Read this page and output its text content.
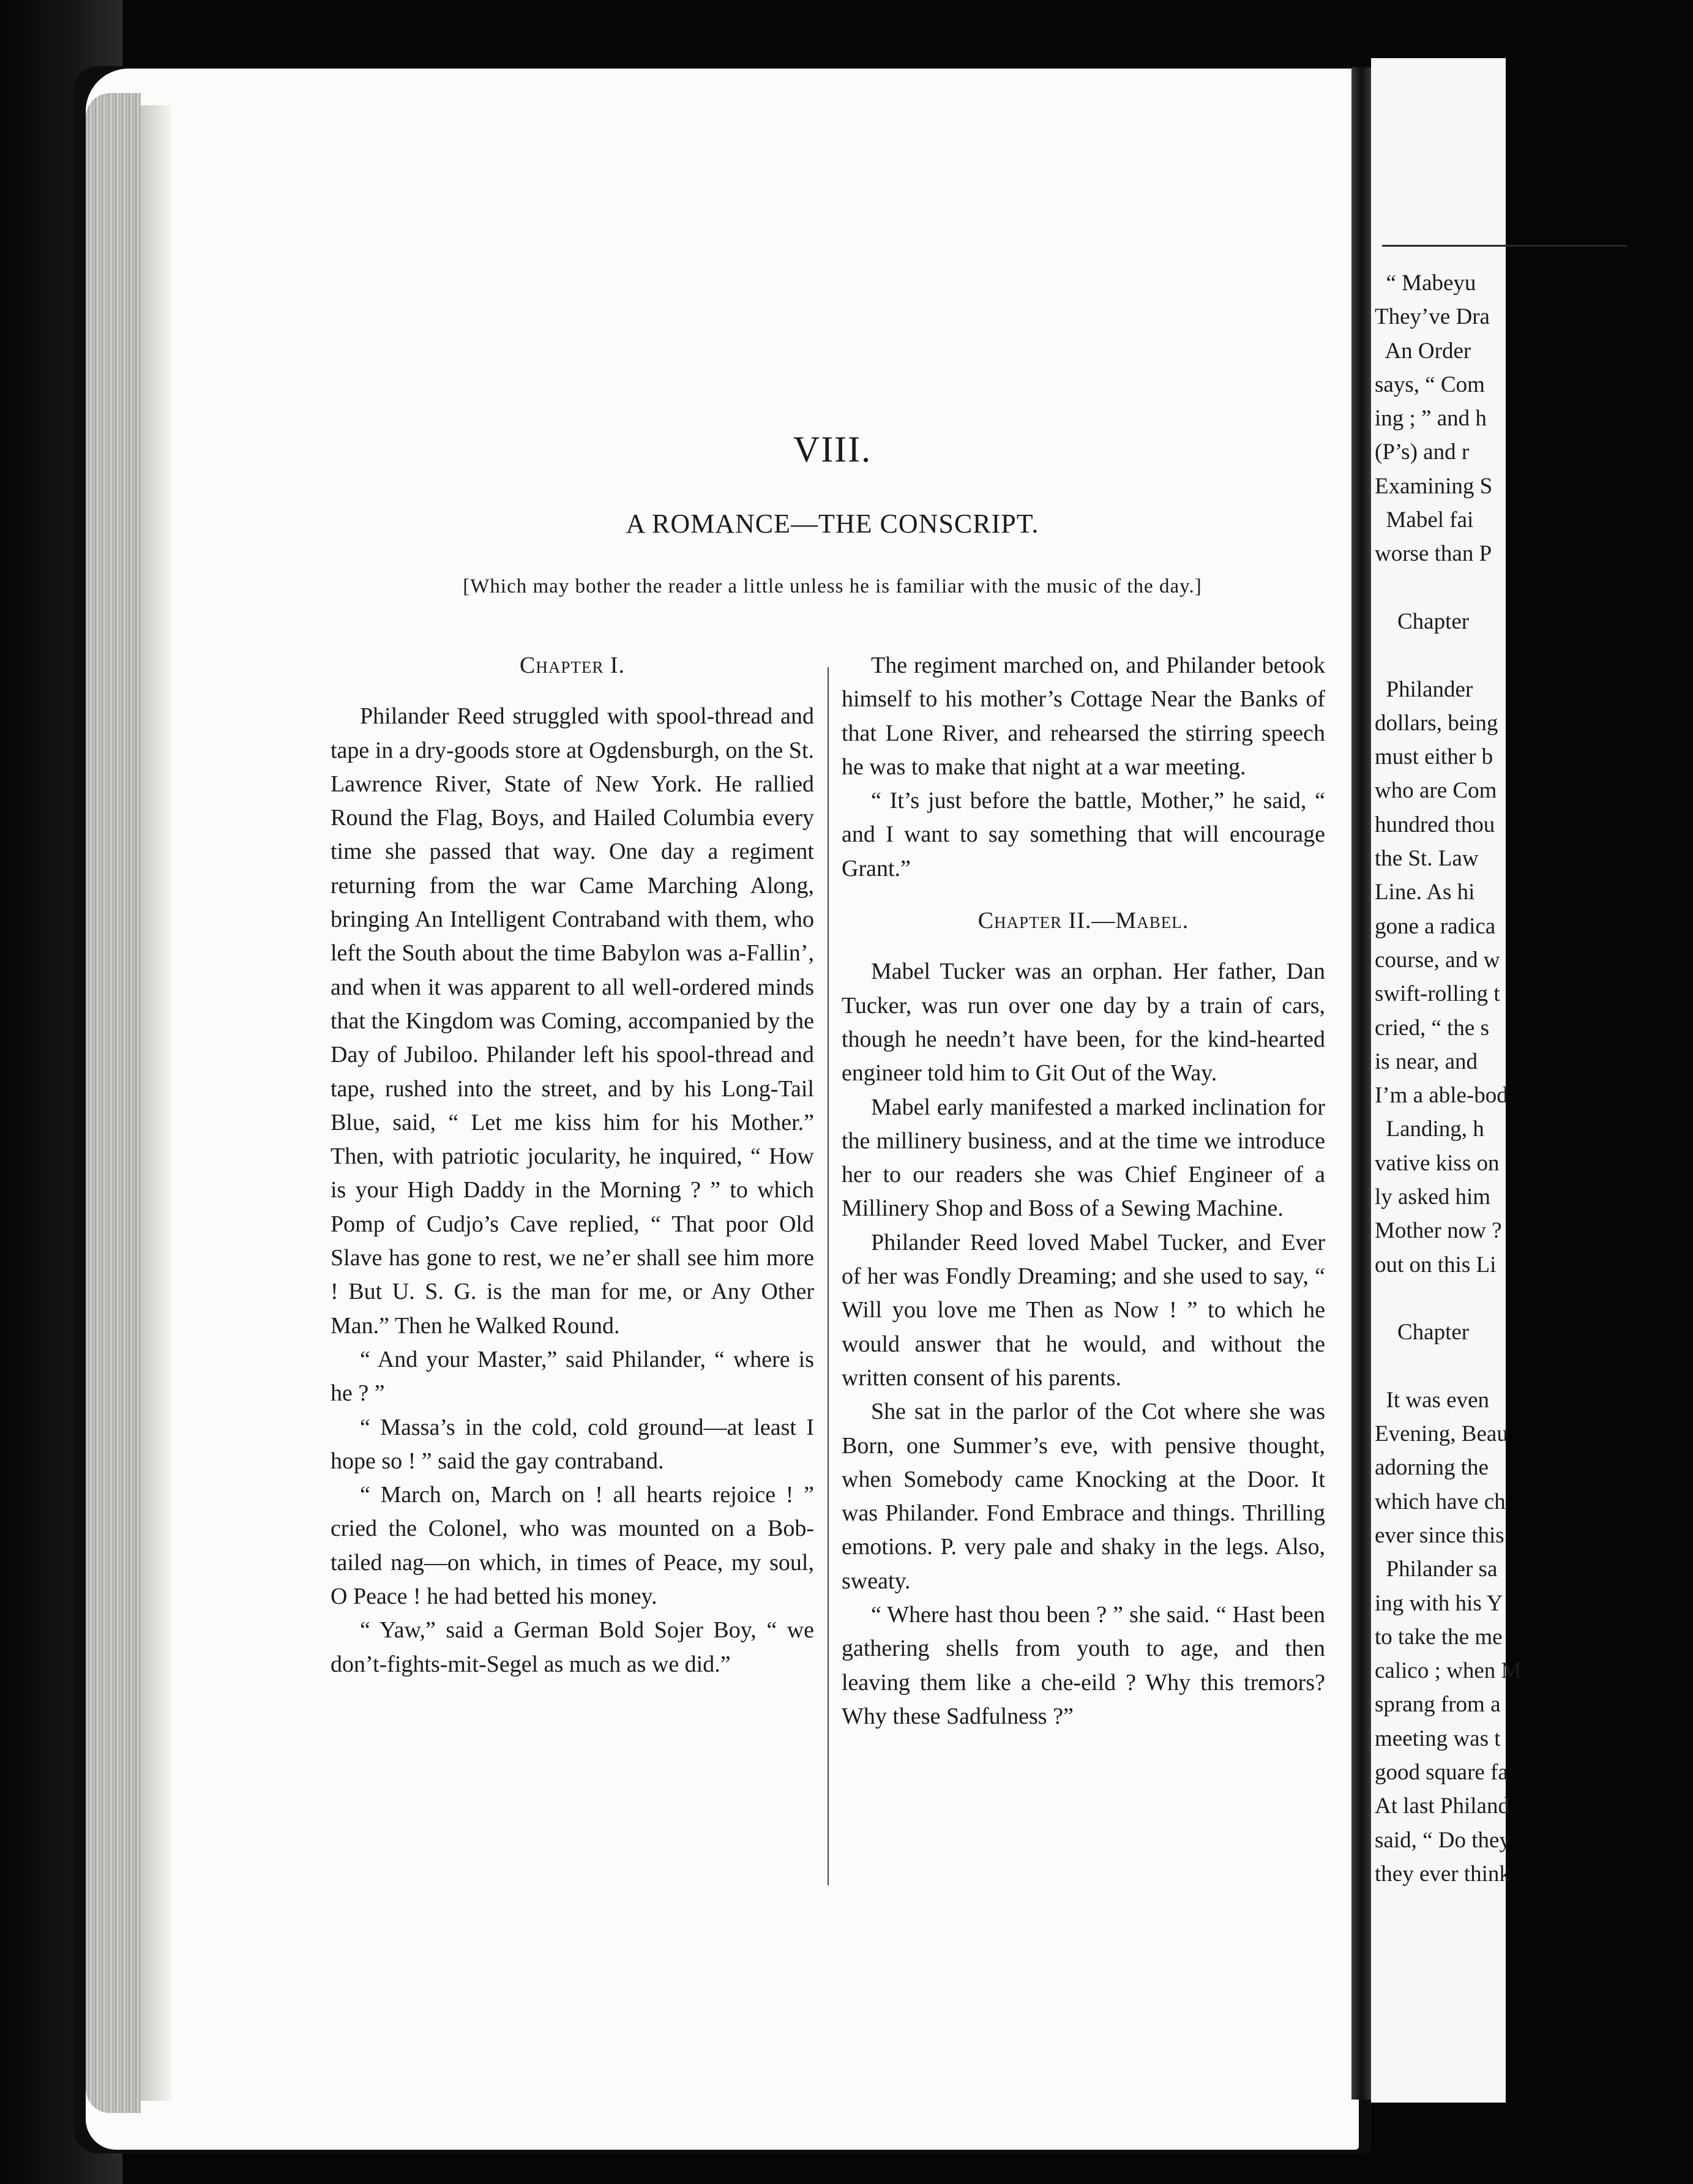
VIII.
A ROMANCE—THE CONSCRIPT.
[Which may bother the reader a little unless he is familiar with the music of the day.]

Chapter I.

Philander Reed struggled with spool-thread and tape in a dry-goods store at Ogdensburgh, on the St. Lawrence River, State of New York. He rallied Round the Flag, Boys, and Hailed Columbia every time she passed that way. One day a regiment returning from the war Came Marching Along, bringing An Intelligent Contraband with them, who left the South about the time Babylon was a-Fallin’, and when it was apparent to all well-ordered minds that the Kingdom was Coming, accompanied by the Day of Jubiloo. Philander left his spool-thread and tape, rushed into the street, and by his Long-Tail Blue, said, “ Let me kiss him for his Mother.” Then, with patriotic jocularity, he inquired, “ How is your High Daddy in the Morning ? ” to which Pomp of Cudjo’s Cave replied, “ That poor Old Slave has gone to rest, we ne’er shall see him more ! But U. S. G. is the man for me, or Any Other Man.” Then he Walked Round.

“ And your Master,” said Philander, “ where is he ? ”

“ Massa’s in the cold, cold ground—at least I hope so ! ” said the gay contraband.

“ March on, March on ! all hearts rejoice ! ” cried the Colonel, who was mounted on a Bob-tailed nag—on which, in times of Peace, my soul, O Peace ! he had betted his money.

“ Yaw,” said a German Bold Sojer Boy, “ we don’t-fights-mit-Segel as much as we did.”

The regiment marched on, and Philander betook himself to his mother’s Cottage Near the Banks of that Lone River, and rehearsed the stirring speech he was to make that night at a war meeting.

“ It’s just before the battle, Mother,” he said, “ and I want to say something that will encourage Grant.”

Chapter II.—Mabel.

Mabel Tucker was an orphan. Her father, Dan Tucker, was run over one day by a train of cars, though he needn’t have been, for the kind-hearted engineer told him to Git Out of the Way.

Mabel early manifested a marked inclination for the millinery business, and at the time we introduce her to our readers she was Chief Engineer of a Millinery Shop and Boss of a Sewing Machine.

Philander Reed loved Mabel Tucker, and Ever of her was Fondly Dreaming; and she used to say, “ Will you love me Then as Now ! ” to which he would answer that he would, and without the written consent of his parents.

She sat in the parlor of the Cot where she was Born, one Summer’s eve, with pensive thought, when Somebody came Knocking at the Door. It was Philander. Fond Embrace and things. Thrilling emotions. P. very pale and shaky in the legs. Also, sweaty.

“ Where hast thou been ? ” she said. “ Hast been gathering shells from youth to age, and then leaving them like a che-eild ? Why this tremors? Why these Sadfulness ?”

“ Mabeyu
They’ve Dra
An Order
says, “ Com
ing ; ” and h
(P’s) and r
Examining S
Mabel fai
worse than P
Chapter
Philander
dollars, being
must either b
who are Com
hundred thou
the St. Law
Line. As hi
gone a radica
course, and w
swift-rolling t
cried, “ the s
is near, and
I’m a able-bod
Landing, h
vative kiss on
ly asked him
Mother now ?
out on this Li
Chapter
It was even
Evening, Beau
adorning the
which have ch
ever since this
Philander sa
ing with his Y
to take the me
calico ; when M
sprang from a
meeting was t
good square fa
At last Philand
said, “ Do they
they ever think
